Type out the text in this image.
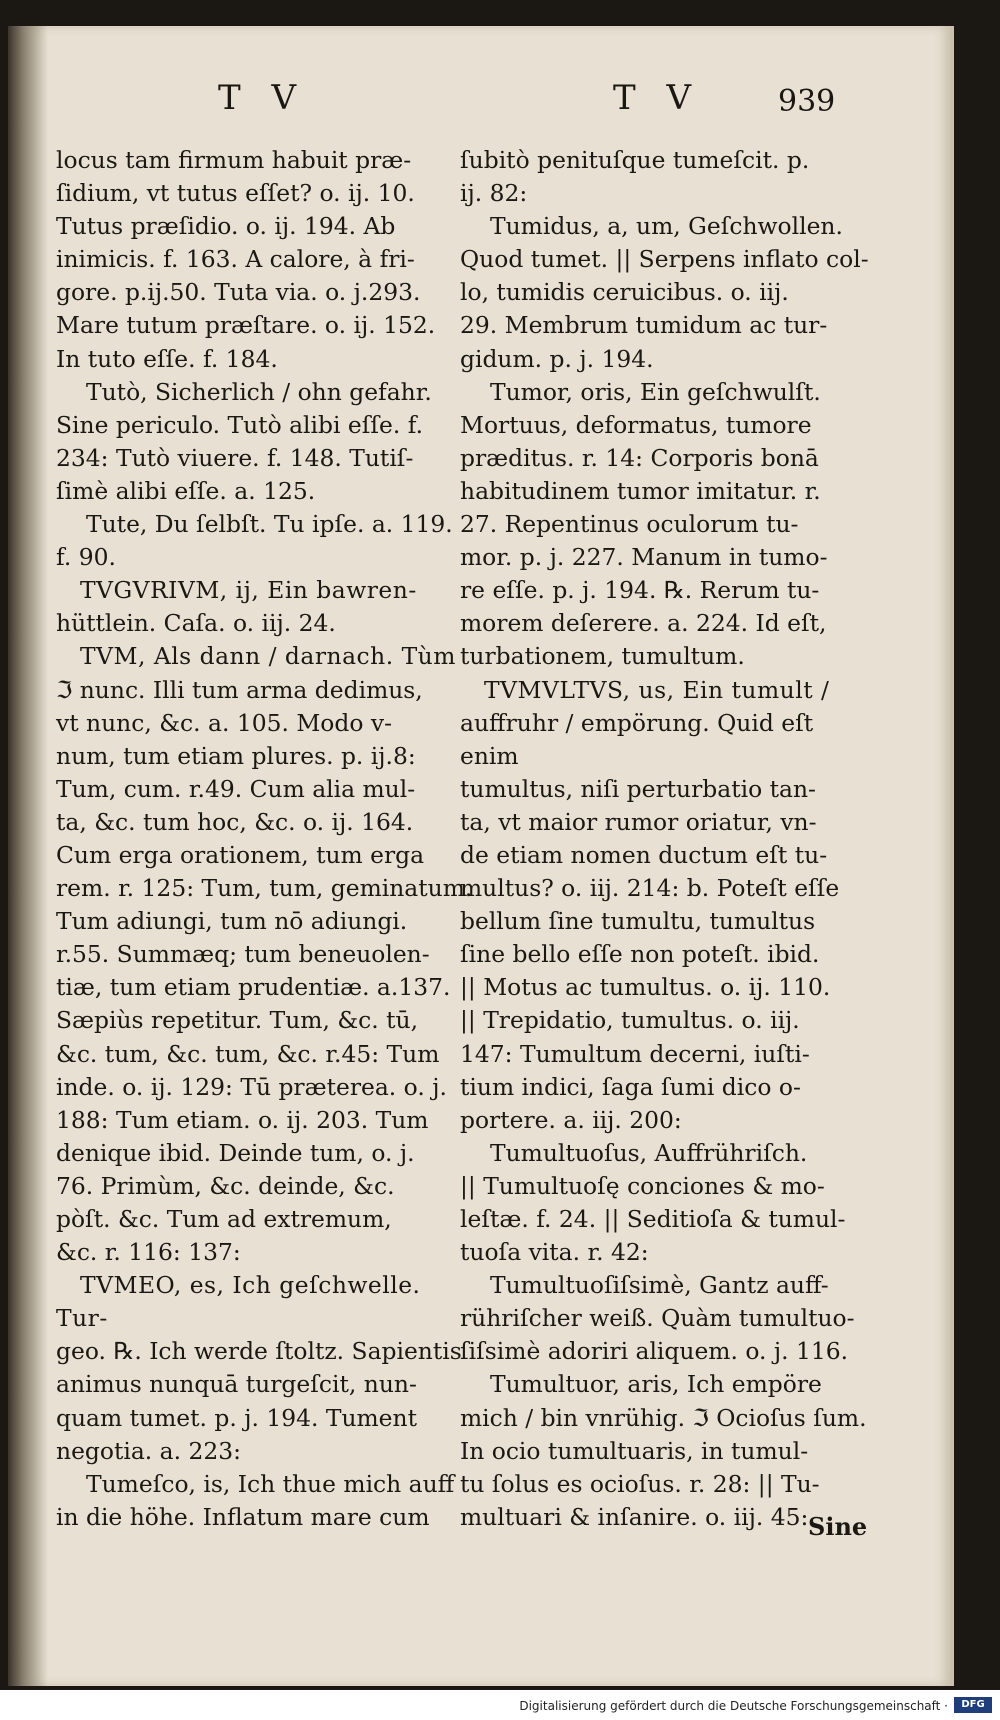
T V	T V	939

locus tam firmum habuit præ-

ſidium, vt tutus eſſet? o. ij. 10.

Tutus præſidio. o. ij. 194. Ab

inimicis. f. 163. A calore, à fri-

gore. p.ij.50. Tuta via. o. j.293.

Mare tutum præſtare. o. ij. 152.

In tuto eſſe. f. 184.

Tutò, Sicherlich / ohn gefahr.

Sine periculo. Tutò alibi eſſe. f.

234: Tutò viuere. f. 148. Tutiſ-

ſimè alibi eſſe. a. 125.

Tute, Du ſelbſt. Tu ipſe. a. 119.

f. 90.

TVGVRIVM, ij, Ein bawren-

hüttlein. Caſa. o. iij. 24.

TVM, Als dann / darnach. Tùm

ℑ nunc. Illi tum arma dedimus,

vt nunc, &c. a. 105. Modo v-

num, tum etiam plures. p. ij.8:

Tum, cum. r.49. Cum alia mul-

ta, &c. tum hoc, &c. o. ij. 164.

Cum erga orationem, tum erga

rem. r. 125: Tum, tum, geminatum.

Tum adiungi, tum nō adiungi.

r.55. Summæq; tum beneuolen-

tiæ, tum etiam prudentiæ. a.137.

Sæpiùs repetitur. Tum, &c. tū,

&c. tum, &c. tum, &c. r.45: Tum

inde. o. ij. 129: Tū præterea. o. j.

188: Tum etiam. o. ij. 203. Tum

denique ibid. Deinde tum, o. j.

76. Primùm, &c. deinde, &c.

pòſt. &c. Tum ad extremum,

&c. r. 116: 137:

TVMEO, es, Ich geſchwelle. Tur-

geo. ℞. Ich werde ſtoltz. Sapientis

animus nunquā turgeſcit, nun-

quam tumet. p. j. 194. Tument

negotia. a. 223:

Tumeſco, is, Ich thue mich auff

in die höhe. Inflatum mare cum

ſubitò penituſque tumeſcit. p.

ij. 82:

Tumidus, a, um, Geſchwollen.

Quod tumet. || Serpens inflato col-

lo, tumidis ceruicibus. o. iij.

29. Membrum tumidum ac tur-

gidum. p. j. 194.

Tumor, oris, Ein geſchwulſt.

Mortuus, deformatus, tumore

præditus. r. 14: Corporis bonā

habitudinem tumor imitatur. r.

27. Repentinus oculorum tu-

mor. p. j. 227. Manum in tumo-

re eſſe. p. j. 194. ℞. Rerum tu-

morem deſerere. a. 224. Id eſt,

turbationem, tumultum.

TVMVLTVS, us, Ein tumult /

auffruhr / empörung. Quid eſt enim

tumultus, niſi perturbatio tan-

ta, vt maior rumor oriatur, vn-

de etiam nomen ductum eſt tu-

multus? o. iij. 214: b. Poteſt eſſe

bellum ſine tumultu, tumultus

ſine bello eſſe non poteſt. ibid.

|| Motus ac tumultus. o. ij. 110.

|| Trepidatio, tumultus. o. iij.

147: Tumultum decerni, iuſti-

tium indici, ſaga ſumi dico o-

portere. a. iij. 200:

Tumultuoſus, Auffrühriſch.

|| Tumultuoſę conciones & mo-

leſtæ. f. 24. || Seditioſa & tumul-

tuoſa vita. r. 42:

Tumultuoſiſsimè, Gantz auff-

rühriſcher weiß. Quàm tumultuo-

ſiſsimè adoriri aliquem. o. j. 116.

Tumultuor, aris, Ich empöre

mich / bin vnrühig. ℑ Ocioſus ſum.

In ocio tumultuaris, in tumul-

tu ſolus es ocioſus. r. 28: || Tu-

multuari & inſanire. o. iij. 45: Sine
Digitalisierung gefördert durch die Deutsche Forschungsgemeinschaft ·	DFG
